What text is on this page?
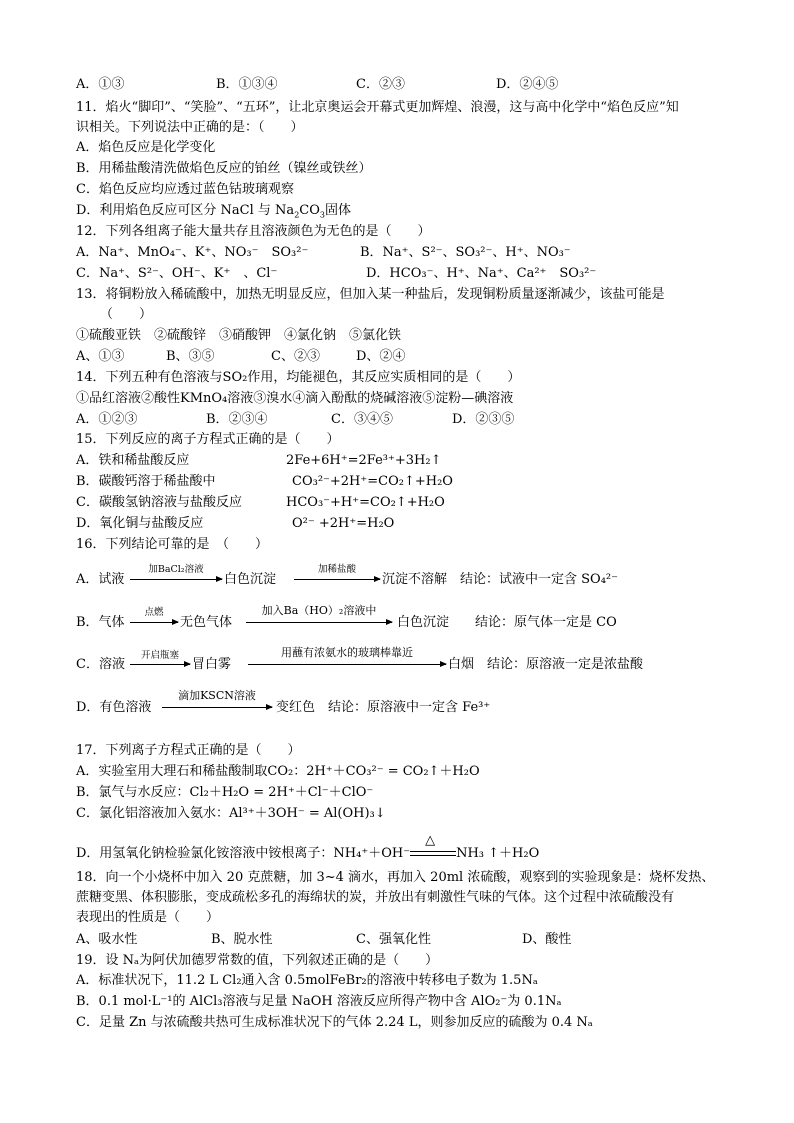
A．①③	B．①③④	C．②③	D．②④⑤
11．焰火“脚印”、“笑脸”、“五环”，让北京奥运会开幕式更加辉煌、浪漫，这与高中化学中“焰色反应”知
识相关。下列说法中正确的是：（　　）
A．焰色反应是化学变化
B．用稀盐酸清洗做焰色反应的铂丝（镍丝或铁丝）
C．焰色反应均应透过蓝色钴玻璃观察
D．利用焰色反应可区分 NaCl 与 $Na_2CO_3$固体
12．下列各组离子能大量共存且溶液颜色为无色的是（　　）
A．Na⁺、MnO₄⁻、K⁺、NO₃⁻　SO₃²⁻	B．Na⁺、S²⁻、SO₃²⁻、H⁺、NO₃⁻
C．Na⁺、S²⁻、OH⁻、K⁺　、Cl⁻	D．HCO₃⁻、H⁺、Na⁺、Ca²⁺　SO₃²⁻
13．将铜粉放入稀硫酸中，加热无明显反应，但加入某一种盐后，发现铜粉质量逐渐减少，该盐可能是
（　　）
①硫酸亚铁　②硫酸锌　③硝酸钾　④氯化钠　⑤氯化铁
A、①③	B、③⑤	C、②③	D、②④
14．下列五种有色溶液与SO₂作用，均能褪色，其反应实质相同的是（　　）
①品红溶液②酸性KMnO₄溶液③溴水④滴入酚酞的烧碱溶液⑤淀粉—碘溶液
A．①②③	B．②③④	C．③④⑤	D．②③⑤
15．下列反应的离子方程式正确的是（　　）
A．铁和稀盐酸反应	2Fe+6H⁺=2Fe³⁺+3H₂↑
B．碳酸钙溶于稀盐酸中	CO₃²⁻+2H⁺=CO₂↑+H₂O
C．碳酸氢钠溶液与盐酸反应	HCO₃⁻+H⁺=CO₂↑+H₂O
D．氧化铜与盐酸反应	O²⁻ +2H⁺=H₂O
16．下列结论可靠的是　（　　）
A．试液
加BaCl₂溶液
白色沉淀
加稀盐酸
沉淀不溶解　结论：试液中一定含 SO₄²⁻
B．气体
点燃
无色气体
加入Ba（HO）₂溶液中
白色沉淀　　结论：原气体一定是 CO
C．溶液
开启瓶塞
冒白雾
用蘸有浓氨水的玻璃棒靠近
白烟　结论：原溶液一定是浓盐酸
D．有色溶液
滴加KSCN溶液
变红色　结论：原溶液中一定含 Fe³⁺
17．下列离子方程式正确的是（　　）
A．实验室用大理石和稀盐酸制取CO₂：2H⁺＋CO₃²⁻ = CO₂↑＋H₂O
B．氯气与水反应：Cl₂＋H₂O = 2H⁺＋Cl⁻＋ClO⁻
C．氯化铝溶液加入氨水：Al³⁺＋3OH⁻ = Al(OH)₃↓
D．用氢氧化钠检验氯化铵溶液中铵根离子：NH₄⁺＋OH⁻
△
NH₃ ↑＋H₂O
18．向一个小烧杯中加入 20 克蔗糖，加 3~4 滴水，再加入 20ml 浓硫酸，观察到的实验现象是：烧杯发热、
蔗糖变黑、体积膨胀，变成疏松多孔的海绵状的炭，并放出有刺激性气味的气体。这个过程中浓硫酸没有
表现出的性质是（　　）
A、吸水性	B、脱水性	C、强氧化性	D、酸性
19．设 Nₐ为阿伏加德罗常数的值，下列叙述正确的是（　　）
A．标准状况下，11.2 L Cl₂通入含 0.5molFeBr₂的溶液中转移电子数为 1.5Nₐ
B．0.1 mol·L⁻¹的 AlCl₃溶液与足量 NaOH 溶液反应所得产物中含 AlO₂⁻为 0.1Nₐ
C．足量 Zn 与浓硫酸共热可生成标准状况下的气体 2.24 L，则参加反应的硫酸为 0.4 Nₐ
